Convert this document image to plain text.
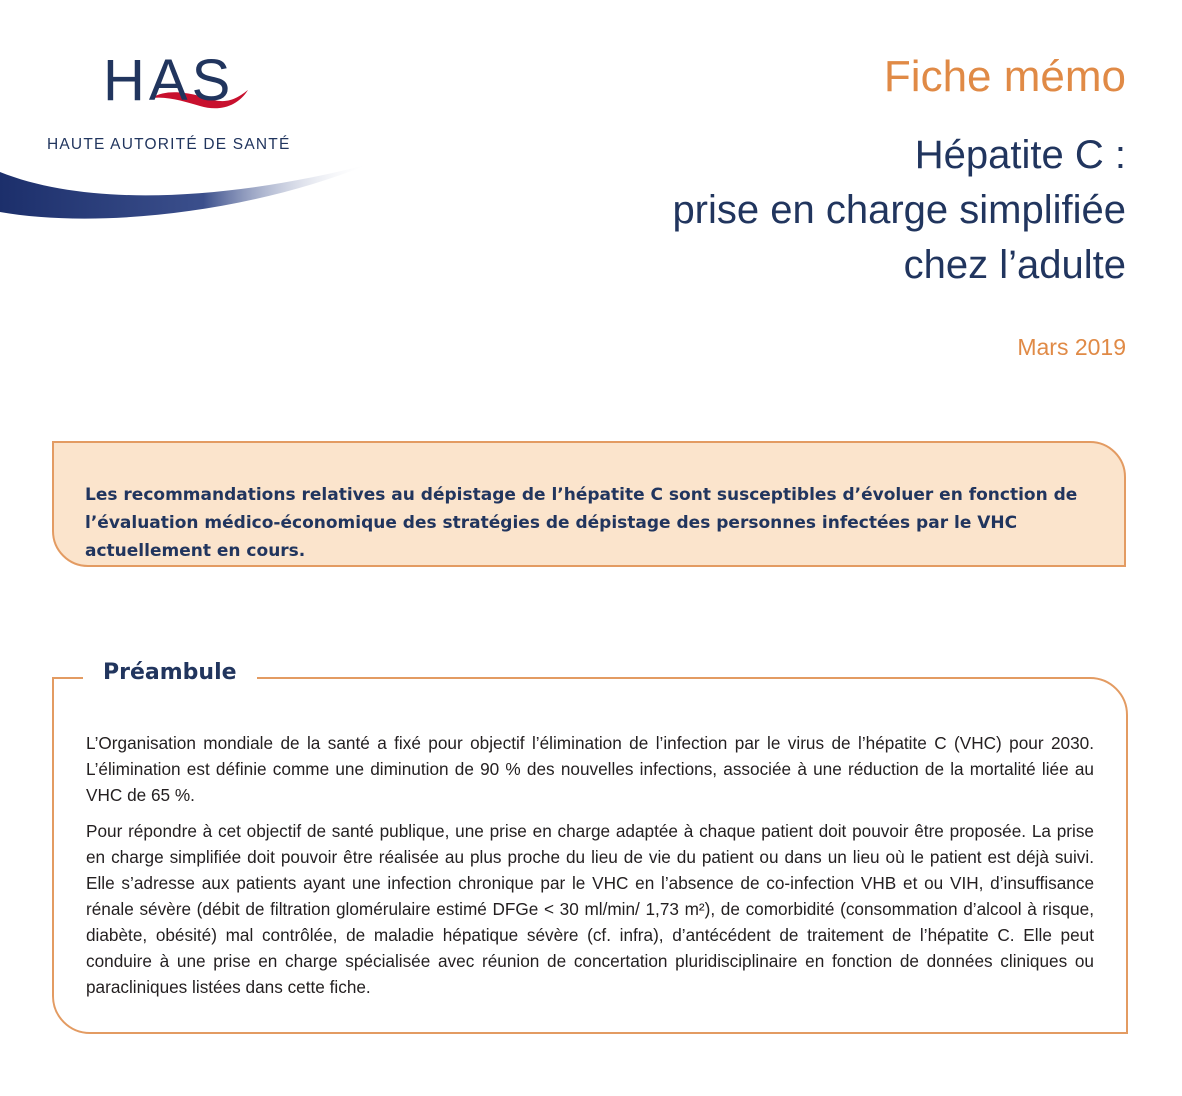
HAS
HAUTE AUTORITÉ DE SANTÉ
Fiche mémo
Hépatite C :
prise en charge simplifiée
chez l’adulte
Mars 2019
Les recommandations relatives au dépistage de l’hépatite C sont susceptibles d’évoluer en fonction de l’évaluation médico-économique des stratégies de dépistage des personnes infectées par le VHC actuellement en cours.
Préambule

L’Organisation mondiale de la santé a fixé pour objectif l’élimination de l’infection par le virus de l’hépatite C (VHC) pour 2030. L’élimination est définie comme une diminution de 90 % des nouvelles infections, associée à une réduction de la mortalité liée au VHC de 65 %.

Pour répondre à cet objectif de santé publique, une prise en charge adaptée à chaque patient doit pouvoir être proposée. La prise en charge simplifiée doit pouvoir être réalisée au plus proche du lieu de vie du patient ou dans un lieu où le patient est déjà suivi. Elle s’adresse aux patients ayant une infection chronique par le VHC en l’absence de co-infection VHB et ou VIH, d’insuffisance rénale sévère (débit de filtration glomérulaire estimé DFGe < 30 ml/min/ 1,73 m²), de comorbidité (consommation d’alcool à risque, diabète, obésité) mal contrôlée, de maladie hépatique sévère (cf. infra), d’antécédent de traitement de l’hépatite C. Elle peut conduire à une prise en charge spécialisée avec réunion de concertation pluridisciplinaire en fonction de données cliniques ou paracliniques listées dans cette fiche.
